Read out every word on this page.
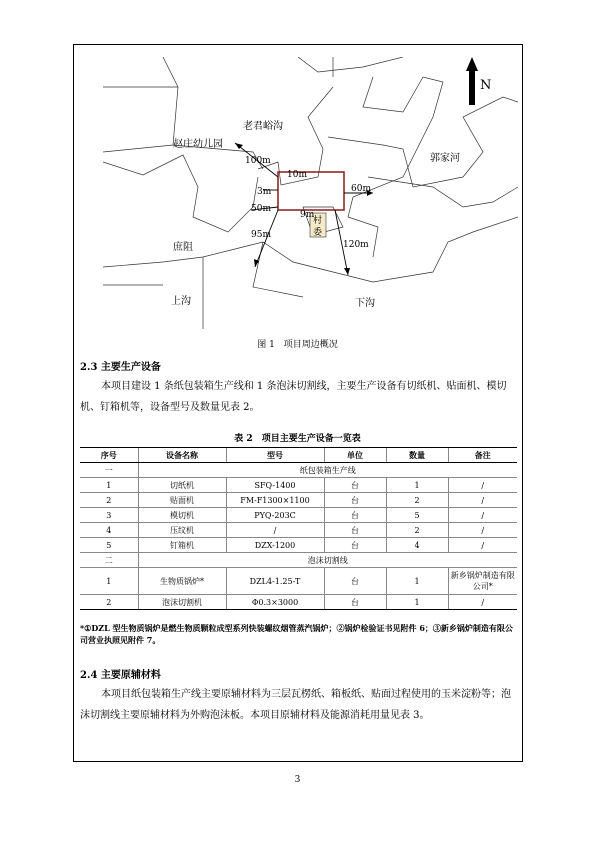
N
赵庄幼儿园
老君峪沟
郭家河
村
委
庶阻
上沟	下沟
100m
10m
3m	60m
50m
9m
95m
120m
图 1　项目周边概况
2.3 主要生产设备

本项目建设 1 条纸包装箱生产线和 1 条泡沫切割线，主要生产设备有切纸机、贴面机、模切机、钉箱机等，设备型号及数量见表 2。

表 2　项目主要生产设备一览表
序号	设备名称	型号	单位	数量	备注
一	纸包装箱生产线				
1	切纸机	SFQ-1400	台	1	/
2	贴面机	FM-F1300×1100	台	2	/
3	模切机	PYQ-203C	台	5	/
4	压纹机	/	台	2	/
5	钉箱机	DZX-1200	台	4	/
二	泡沫切割线				
1	生物质锅炉*	DZL4-1.25-T	台	1	新乡锅炉制造有限公司*
2	泡沫切割机	Φ0.3×3000	台	1	/
*①DZL 型生物质锅炉是燃生物质颗粒成型系列快装螺纹烟管蒸汽锅炉；②锅炉检验证书见附件 6；③新乡锅炉制造有限公司营业执照见附件 7。
2.4 主要原辅材料

本项目纸包装箱生产线主要原辅材料为三层瓦楞纸、箱板纸、贴面过程使用的玉米淀粉等；泡沫切割线主要原辅材料为外购泡沫板。本项目原辅材料及能源消耗用量见表 3。

3
